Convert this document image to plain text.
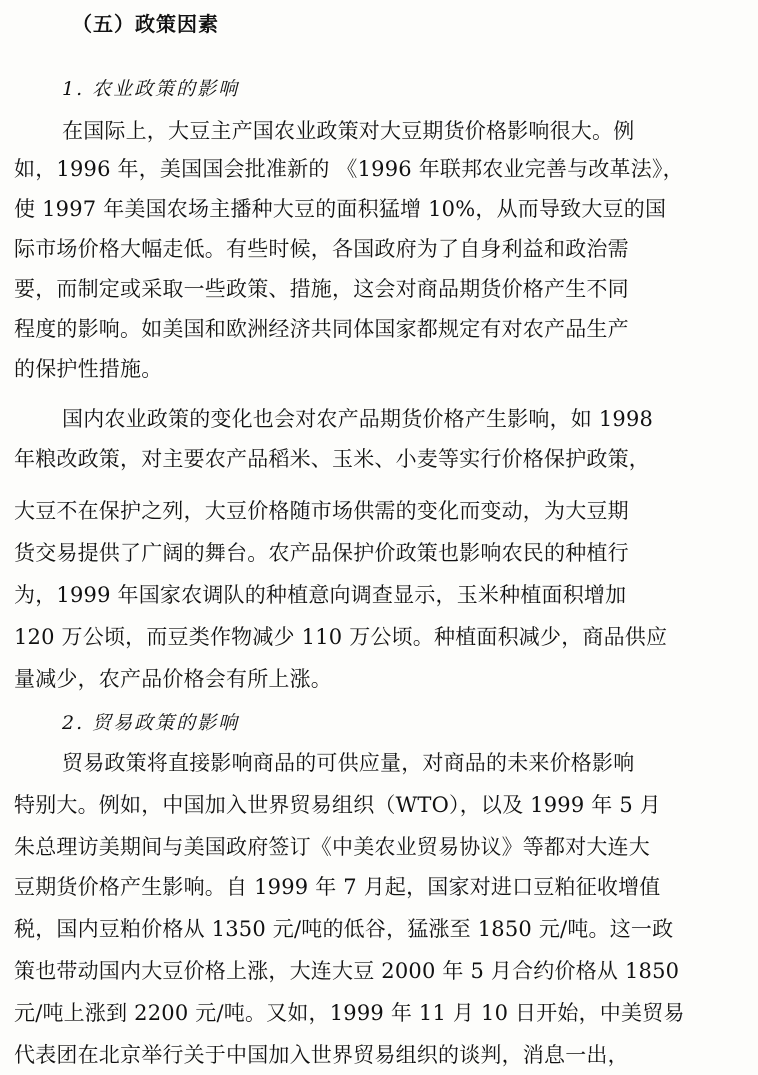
（五）政策因素
1. 农业政策的影响
在国际上，大豆主产国农业政策对大豆期货价格影响很大。例
如，1996 年，美国国会批准新的 《1996 年联邦农业完善与改革法》，
使 1997 年美国农场主播种大豆的面积猛增 10%，从而导致大豆的国
际市场价格大幅走低。有些时候，各国政府为了自身利益和政治需
要，而制定或采取一些政策、措施，这会对商品期货价格产生不同
程度的影响。如美国和欧洲经济共同体国家都规定有对农产品生产
的保护性措施。
国内农业政策的变化也会对农产品期货价格产生影响，如 1998
年粮改政策，对主要农产品稻米、玉米、小麦等实行价格保护政策，
大豆不在保护之列，大豆价格随市场供需的变化而变动，为大豆期
货交易提供了广阔的舞台。农产品保护价政策也影响农民的种植行
为，1999 年国家农调队的种植意向调查显示，玉米种植面积增加
120 万公顷，而豆类作物减少 110 万公顷。种植面积减少，商品供应
量减少，农产品价格会有所上涨。
2. 贸易政策的影响
贸易政策将直接影响商品的可供应量，对商品的未来价格影响
特别大。例如，中国加入世界贸易组织（WTO），以及 1999 年 5 月
朱总理访美期间与美国政府签订《中美农业贸易协议》等都对大连大
豆期货价格产生影响。自 1999 年 7 月起，国家对进口豆粕征收增值
税，国内豆粕价格从 1350 元/吨的低谷，猛涨至 1850 元/吨。这一政
策也带动国内大豆价格上涨，大连大豆 2000 年 5 月合约价格从 1850
元/吨上涨到 2200 元/吨。又如，1999 年 11 月 10 日开始，中美贸易
代表团在北京举行关于中国加入世界贸易组织的谈判，消息一出，
